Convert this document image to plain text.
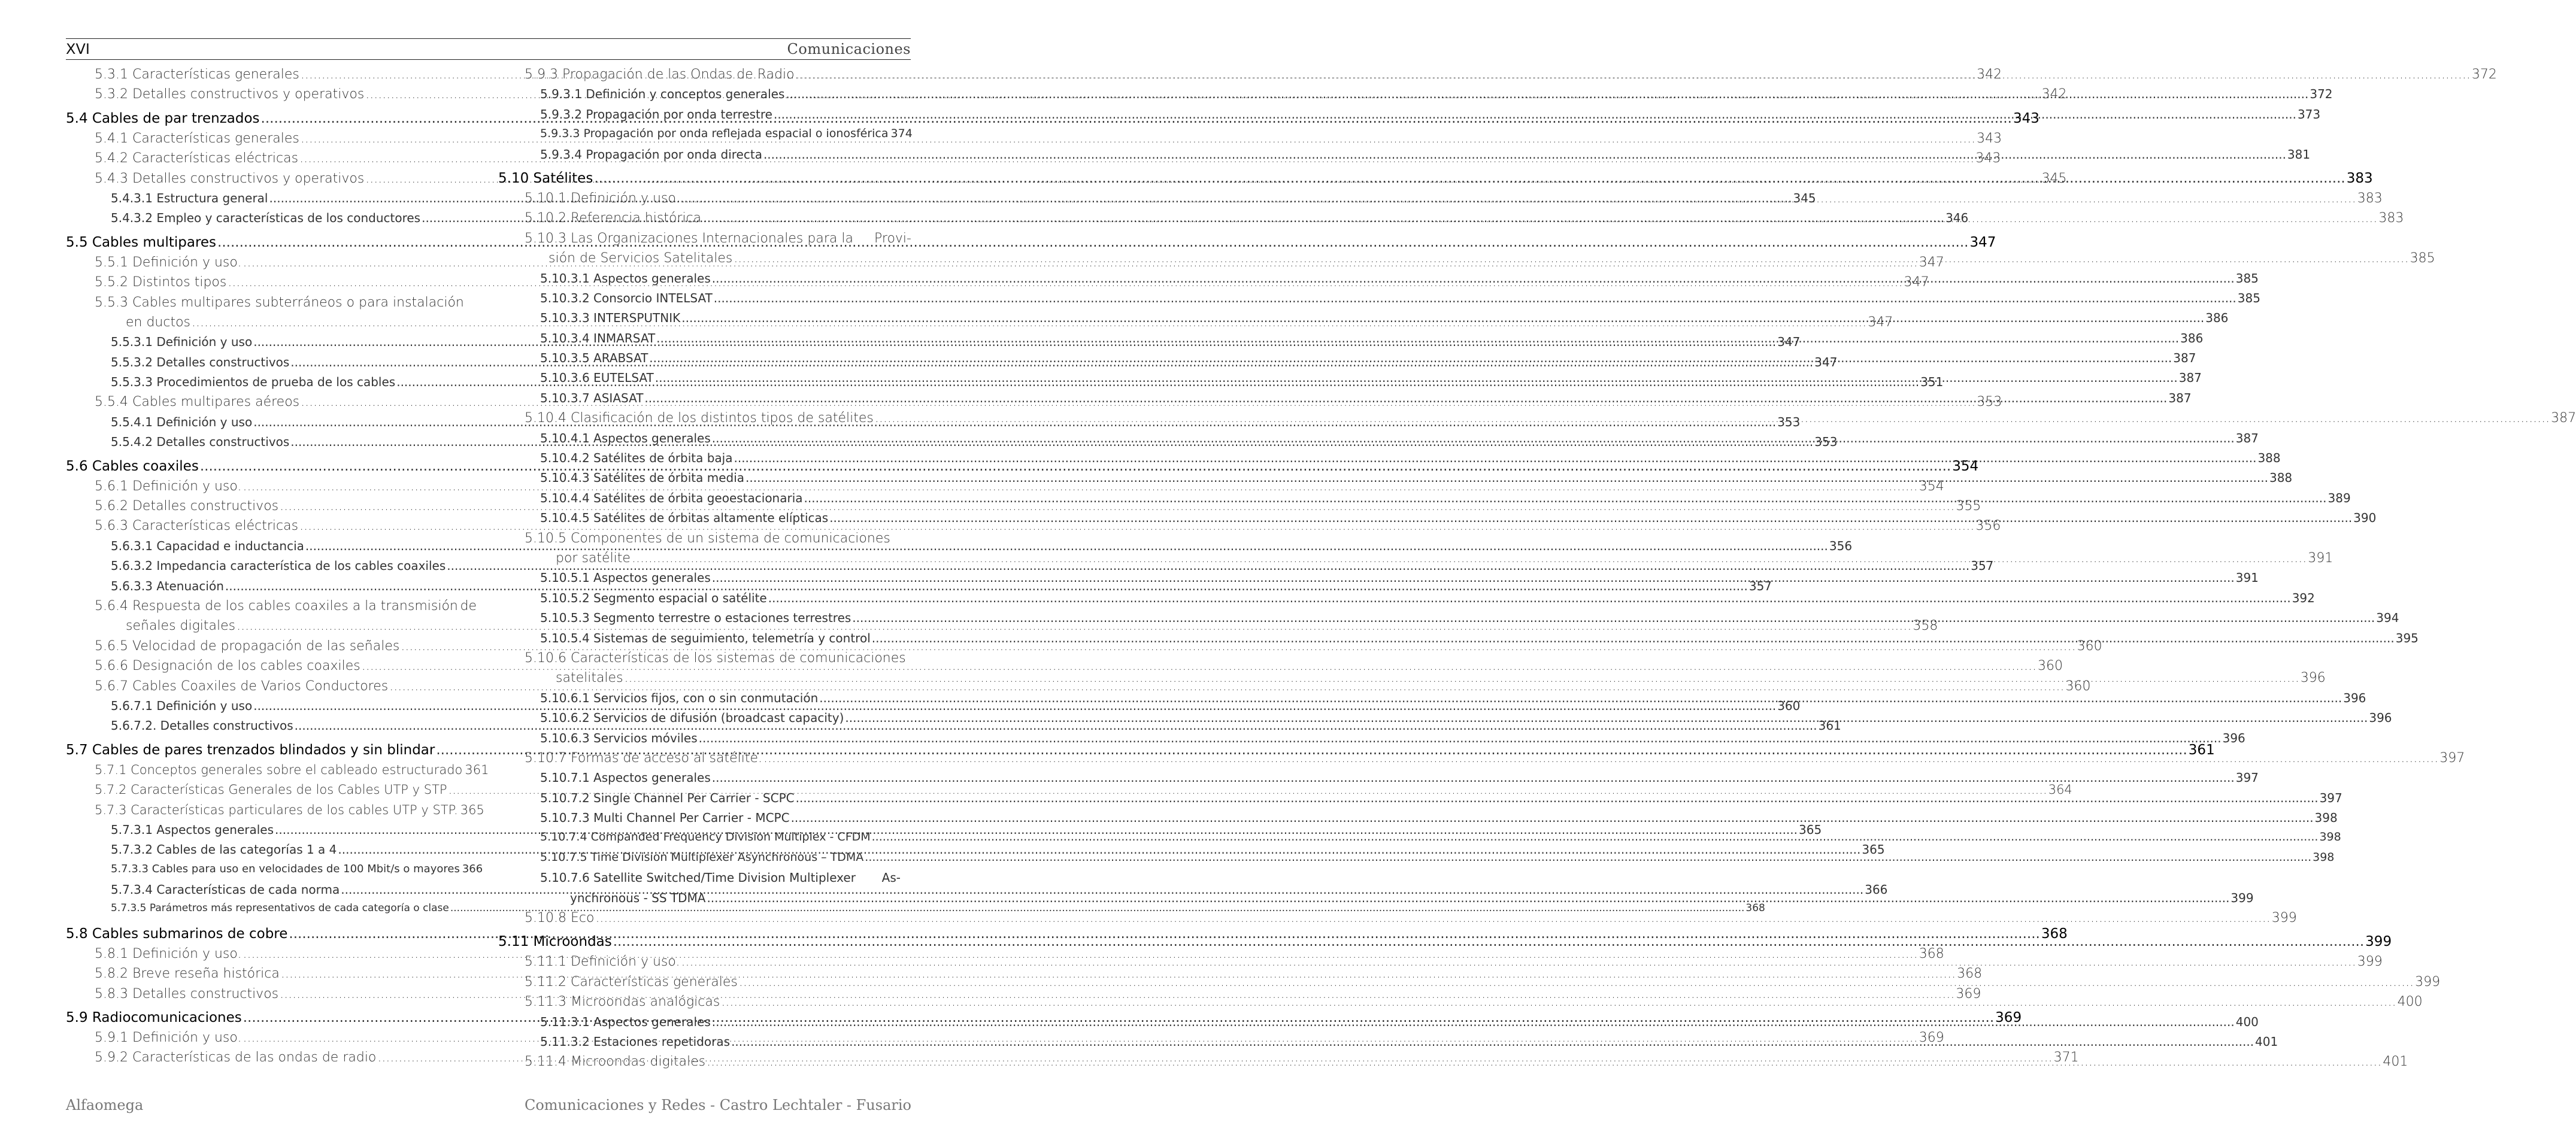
XVI	Comunicaciones
5.3.1 Características generales .....	342
5.3.2 Detalles constructivos y operativos .....	342
5.4 Cables de par trenzados .....	343
5.4.1 Características generales .....	343
5.4.2 Características eléctricas .....	343
5.4.3 Detalles constructivos y operativos .....	345
5.4.3.1 Estructura general .....	345
5.4.3.2 Empleo y características de los conductores .....	346
5.5 Cables multipares .....	347
5.5.1 Definición y uso. .....	347
5.5.2 Distintos tipos .....	347
5.5.3 Cables multipares subterráneos o para instalación
en ductos .....	347
5.5.3.1 Definición y uso .....	347
5.5.3.2 Detalles constructivos .....	347
5.5.3.3 Procedimientos de prueba de los cables .....	351
5.5.4 Cables multipares aéreos .....	353
5.5.4.1 Definición y uso .....	353
5.5.4.2 Detalles constructivos .....	353
5.6 Cables coaxiles .....	354
5.6.1 Definición y uso. .....	354
5.6.2 Detalles constructivos .....	355
5.6.3 Características eléctricas .....	356
5.6.3.1 Capacidad e inductancia .....	356
5.6.3.2 Impedancia característica de los cables coaxiles .....	357
5.6.3.3 Atenuación .....	357
5.6.4 Respuesta de los cables coaxiles a la transmisión de
señales digitales .....	358
5.6.5 Velocidad de propagación de las señales .....	360
5.6.6 Designación de los cables coaxiles .....	360
5.6.7 Cables Coaxiles de Varios Conductores .....	360
5.6.7.1 Definición y uso .....	360
5.6.7.2. Detalles constructivos .....	361
5.7 Cables de pares trenzados blindados y sin blindar .....	361
5.7.1 Conceptos generales sobre el cableado estructurado 361
5.7.2 Características Generales de los Cables UTP y STP .....	364
5.7.3 Características particulares de los cables UTP y STP. 365
5.7.3.1 Aspectos generales .....	365
5.7.3.2 Cables de las categorías 1 a 4 .....	365
5.7.3.3 Cables para uso en velocidades de 100 Mbit/s o mayores 366
5.7.3.4 Características de cada norma .....	366
5.7.3.5 Parámetros más representativos de cada categoría o clase .....	368
5.8 Cables submarinos de cobre .....	368
5.8.1 Definición y uso. .....	368
5.8.2 Breve reseña histórica .....	368
5.8.3 Detalles constructivos .....	369
5.9 Radiocomunicaciones .....	369
5.9.1 Definición y uso. .....	369
5.9.2 Características de las ondas de radio .....	371
5.9.3 Propagación de las Ondas de Radio .....	372
5.9.3.1 Definición y conceptos generales .....	372
5.9.3.2 Propagación por onda terrestre .....	373
5.9.3.3 Propagación por onda reflejada espacial o ionosférica 374
5.9.3.4 Propagación por onda directa .....	381
5.10 Satélites .....	383
5.10.1 Definición y uso. .....	383
5.10.2 Referencia histórica .....	383
5.10.3 Las Organizaciones Internacionales para la Provi-
sión de Servicios Satelitales .....	385
5.10.3.1 Aspectos generales .....	385
5.10.3.2 Consorcio INTELSAT .....	385
5.10.3.3 INTERSPUTNIK .....	386
5.10.3.4 INMARSAT .....	386
5.10.3.5 ARABSAT .....	387
5.10.3.6 EUTELSAT .....	387
5.10.3.7 ASIASAT .....	387
5.10.4 Clasificación de los distintos tipos de satélites .....	387
5.10.4.1 Aspectos generales .....	387
5.10.4.2 Satélites de órbita baja .....	388
5.10.4.3 Satélites de órbita media .....	388
5.10.4.4 Satélites de órbita geoestacionaria .....	389
5.10.4.5 Satélites de órbitas altamente elípticas .....	390
5.10.5 Componentes de un sistema de comunicaciones
por satélite .....	391
5.10.5.1 Aspectos generales .....	391
5.10.5.2 Segmento espacial o satélite .....	392
5.10.5.3 Segmento terrestre o estaciones terrestres .....	394
5.10.5.4 Sistemas de seguimiento, telemetría y control .....	395
5.10.6 Características de los sistemas de comunicaciones
satelitales .....	396
5.10.6.1 Servicios fijos, con o sin conmutación .....	396
5.10.6.2 Servicios de difusión (broadcast capacity) .....	396
5.10.6.3 Servicios móviles .....	396
5.10.7 Formas de acceso al satélite. .....	397
5.10.7.1 Aspectos generales .....	397
5.10.7.2 Single Channel Per Carrier - SCPC .....	397
5.10.7.3 Multi Channel Per Carrier - MCPC .....	398
5.10.7.4 Companded Frequency Division Multiplex - CFDM .....	398
5.10.7.5 Time Division Multiplexer Asynchronous – TDMA .....	398
5.10.7.6 Satellite Switched/Time Division Multiplexer As-
ynchronous - SS TDMA .....	399
5.10.8 Eco .....	399
5.11 Microondas .....	399
5.11.1 Definición y uso. .....	399
5.11.2 Características generales .....	399
5.11.3 Microondas analógicas .....	400
5.11.3.1 Aspectos generales .....	400
5.11.3.2 Estaciones repetidoras .....	401
5.11.4 Microondas digitales .....	401
Alfaomega	Comunicaciones y Redes - Castro Lechtaler - Fusario
